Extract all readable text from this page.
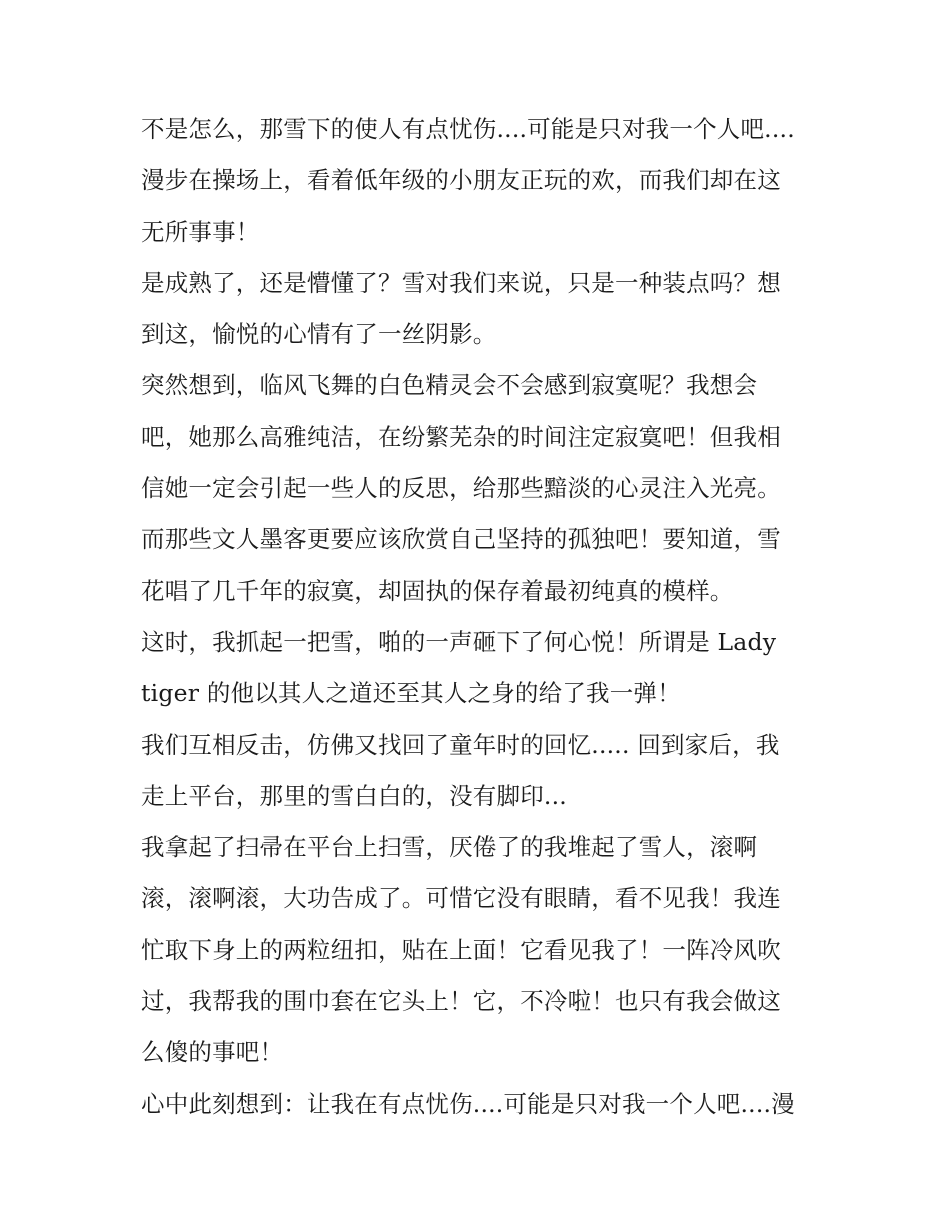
不是怎么，那雪下的使人有点忧伤....可能是只对我一个人吧....
漫步在操场上，看着低年级的小朋友正玩的欢，而我们却在这
无所事事！
是成熟了，还是懵懂了？雪对我们来说，只是一种装点吗？想
到这，愉悦的心情有了一丝阴影。
突然想到，临风飞舞的白色精灵会不会感到寂寞呢？我想会
吧，她那么高雅纯洁，在纷繁芜杂的时间注定寂寞吧！但我相
信她一定会引起一些人的反思，给那些黯淡的心灵注入光亮。
而那些文人墨客更要应该欣赏自己坚持的孤独吧！要知道，雪
花唱了几千年的寂寞，却固执的保存着最初纯真的模样。
这时，我抓起一把雪，啪的一声砸下了何心悦！所谓是 Lady
tiger 的他以其人之道还至其人之身的给了我一弹！
我们互相反击，仿佛又找回了童年时的回忆..... 回到家后，我
走上平台，那里的雪白白的，没有脚印...
我拿起了扫帚在平台上扫雪，厌倦了的我堆起了雪人，滚啊
滚，滚啊滚，大功告成了。可惜它没有眼睛，看不见我！我连
忙取下身上的两粒纽扣，贴在上面！它看见我了！一阵冷风吹
过，我帮我的围巾套在它头上！它，不冷啦！也只有我会做这
么傻的事吧！
心中此刻想到：让我在有点忧伤....可能是只对我一个人吧....漫
